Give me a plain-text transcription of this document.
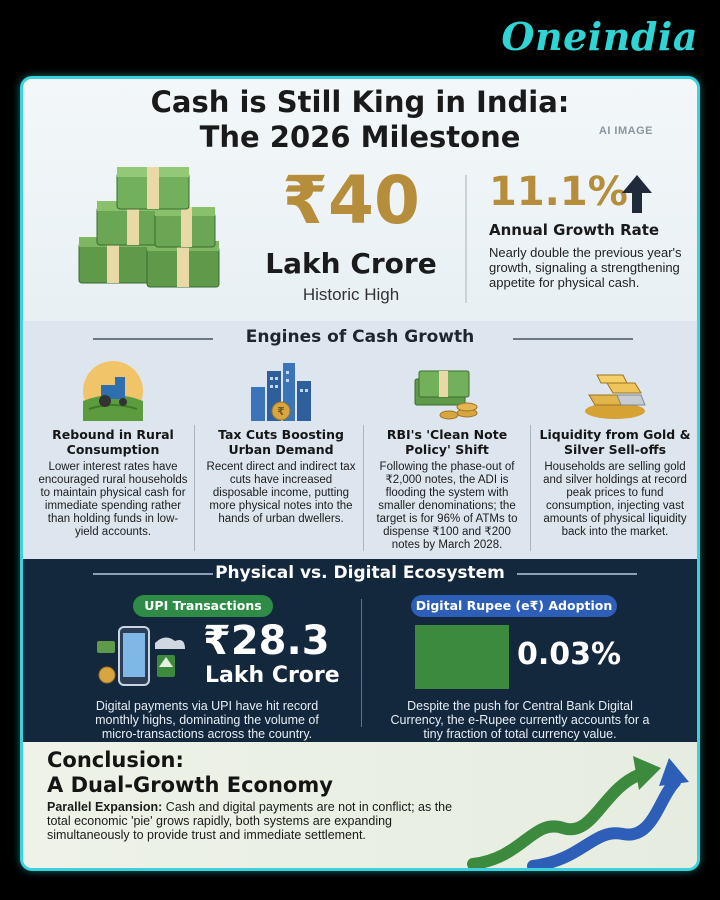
Oneindia
Cash is Still King in India:
The 2026 Milestone	AI IMAGE
₹40
Lakh Crore
Historic High
11.1%
Annual Growth Rate
Nearly double the previous year's growth, signaling a strengthening appetite for physical cash.
Engines of Cash Growth
Rebound in Rural Consumption
Lower interest rates have encouraged rural households to maintain physical cash for immediate spending rather than holding funds in low-yield accounts.
₹
Tax Cuts Boosting Urban Demand
Recent direct and indirect tax cuts have increased disposable income, putting more physical notes into the hands of urban dwellers.
RBI's 'Clean Note Policy' Shift
Following the phase-out of ₹2,000 notes, the ADI is flooding the system with smaller denominations; the target is for 96% of ATMs to dispense ₹100 and ₹200 notes by March 2028.
Liquidity from Gold & Silver Sell-offs
Households are selling gold and silver holdings at record peak prices to fund consumption, injecting vast amounts of physical liquidity back into the market.
Physical vs. Digital Ecosystem
UPI Transactions	Digital Rupee (e₹) Adoption
₹28.3
Lakh Crore
0.03%
Digital payments via UPI have hit record monthly highs, dominating the volume of micro-transactions across the country.
Despite the push for Central Bank Digital Currency, the e-Rupee currently accounts for a tiny fraction of total currency value.
Conclusion:
A Dual-Growth Economy
Parallel Expansion: Cash and digital payments are not in conflict; as the total economic 'pie' grows rapidly, both systems are expanding simultaneously to provide trust and immediate settlement.
